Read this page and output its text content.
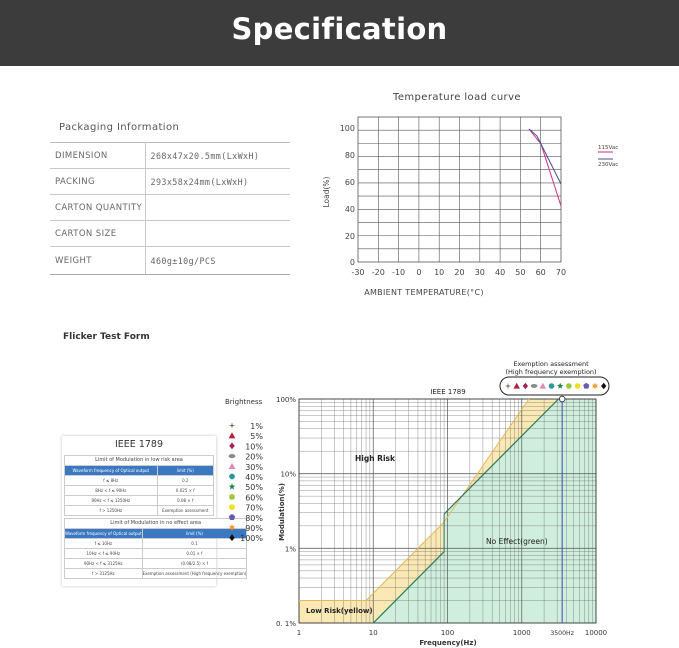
Specification
Packaging Information
DIMENSION	268x47x20.5mm(LxWxH)
PACKING	293x58x24mm(LxWxH)
CARTON QUANTITY	
CARTON SIZE	
WEIGHT	460g±10g/PCS
Temperature load curve
-30 -20 -10 0 10 20 30 40 50 60 70
0
20
40
60
80
100
AMBIENT TEMPERATURE(°C)
Load(%)
115Vac
230Vac
Flicker Test Form
IEEE 1789
Limit of Modulation in low risk area	
Waveform frequency of Optical output	limit (%)
f ≤ 8Hz	0.2
8Hz < f ≤ 90Hz	0.025 × f
90Hz < f ≤ 1250Hz	0.08 × f
f > 1250Hz	Exemption assessment
Limit of Modulation in no effect area	
Waveform frequency of Optical output	limit (%)
f ≤ 10Hz	0.1
10Hz < f ≤ 90Hz	0.01 × f
90Hz < f ≤ 3125Hz	(0.08/2.5) × f
f > 3125Hz	Exemption assessment (High frequency exemption)
Brightness
1%
5%
10%
20%
30%
40%
50%
60%
70%
80%
90%
100%
1	10	100	1000	3500Hz 10000
100%
10%
1%
0. 1%
IEEE 1789
Exemption assessment
(High frequency exemption)
High Risk
No Effect(green)
Low Risk(yellow)
Frequency(Hz)
Modulation(%)
